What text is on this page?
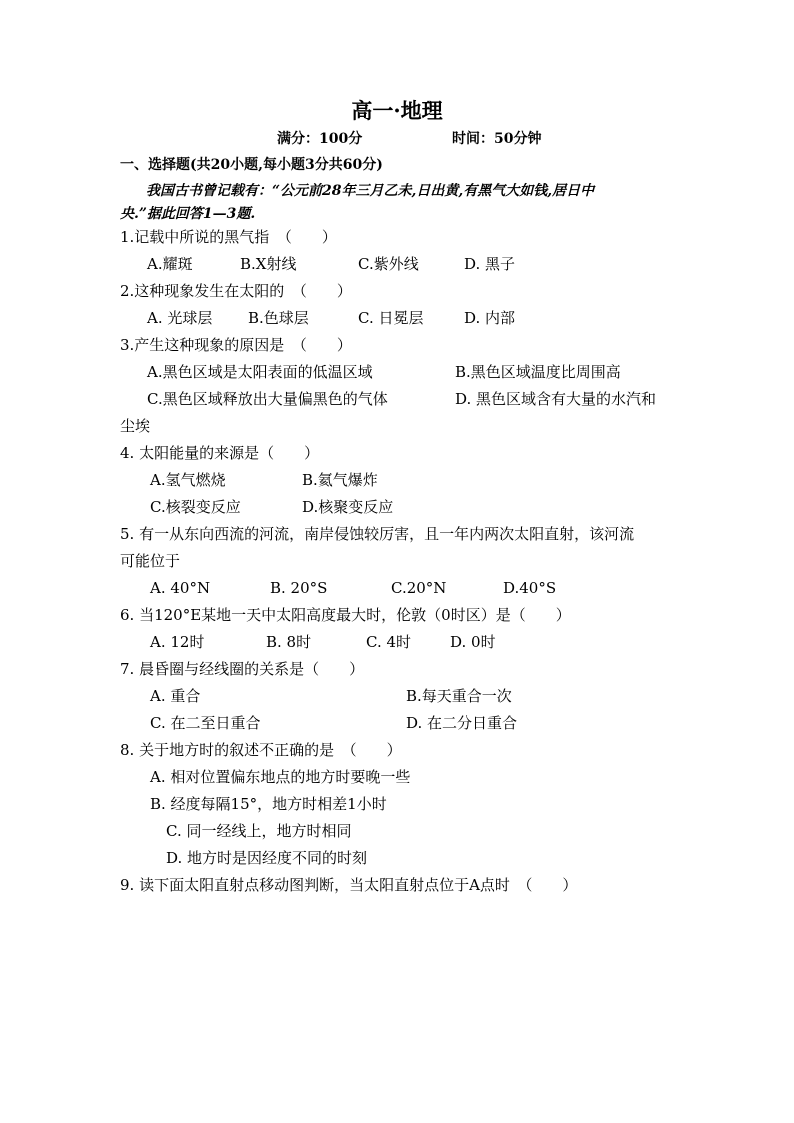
高一·地理
满分：100分	时间：50分钟
一、选择题(共20小题,每小题3分共60分)
我国古书曾记载有：“公元前28年三月乙未,日出黄,有黑气大如钱,居日中
央.”据此回答1—3题.
1.记载中所说的黑气指　（　　）
A.耀斑	B.X射线	C.紫外线	D. 黑子
2.这种现象发生在太阳的　（　　）
A. 光球层 B.色球层	C. 日冕层	D. 内部
3.产生这种现象的原因是　（　　）
A.黑色区域是太阳表面的低温区域	B.黑色区域温度比周围高
C.黑色区域释放出大量偏黑色的气体	D. 黑色区域含有大量的水汽和
尘埃
4. 太阳能量的来源是（　　）
A.氢气燃烧	B.氦气爆炸
C.核裂变反应	D.核聚变反应
5. 有一从东向西流的河流，南岸侵蚀较厉害，且一年内两次太阳直射，该河流
可能位于
A. 40°N	B. 20°S	C.20°N	D.40°S
6. 当120°E某地一天中太阳高度最大时，伦敦（0时区）是（　　）
A. 12时	B. 8时	C. 4时	D. 0时
7. 晨昏圈与经线圈的关系是（　　）
A. 重合	B.每天重合一次
C. 在二至日重合	D. 在二分日重合
8. 关于地方时的叙述不正确的是　（　　）
A. 相对位置偏东地点的地方时要晚一些
B. 经度每隔15°，地方时相差1小时
C. 同一经线上，地方时相同
D. 地方时是因经度不同的时刻
9. 读下面太阳直射点移动图判断，当太阳直射点位于A点时　（　　）
